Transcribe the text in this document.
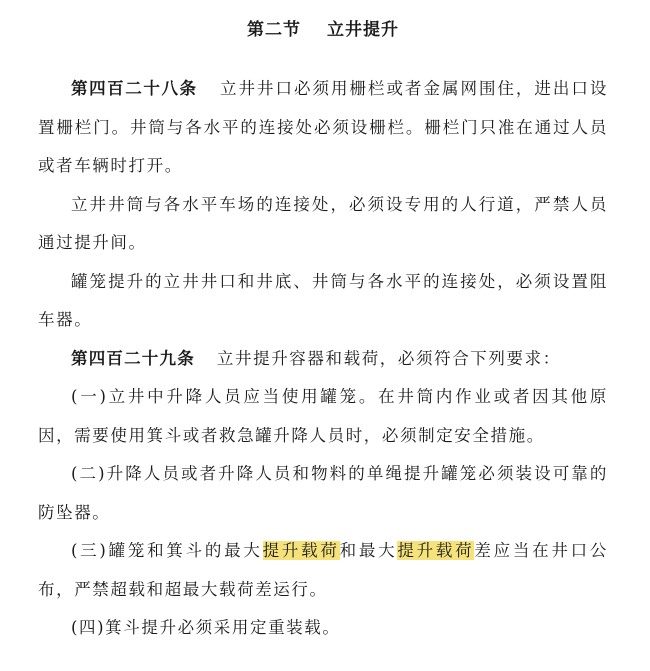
第二节 立井提升

第四百二十八条 立井井口必须用栅栏或者金属网围住，进出口设置栅栏门。井筒与各水平的连接处必须设栅栏。栅栏门只准在通过人员或者车辆时打开。

立井井筒与各水平车场的连接处，必须设专用的人行道，严禁人员通过提升间。

罐笼提升的立井井口和井底、井筒与各水平的连接处，必须设置阻车器。

第四百二十九条 立井提升容器和载荷，必须符合下列要求：

(一)立井中升降人员应当使用罐笼。在井筒内作业或者因其他原因，需要使用箕斗或者救急罐升降人员时，必须制定安全措施。

(二)升降人员或者升降人员和物料的单绳提升罐笼必须装设可靠的防坠器。

(三)罐笼和箕斗的最大提升载荷和最大提升载荷差应当在井口公布，严禁超载和超最大载荷差运行。

(四)箕斗提升必须采用定重装载。
